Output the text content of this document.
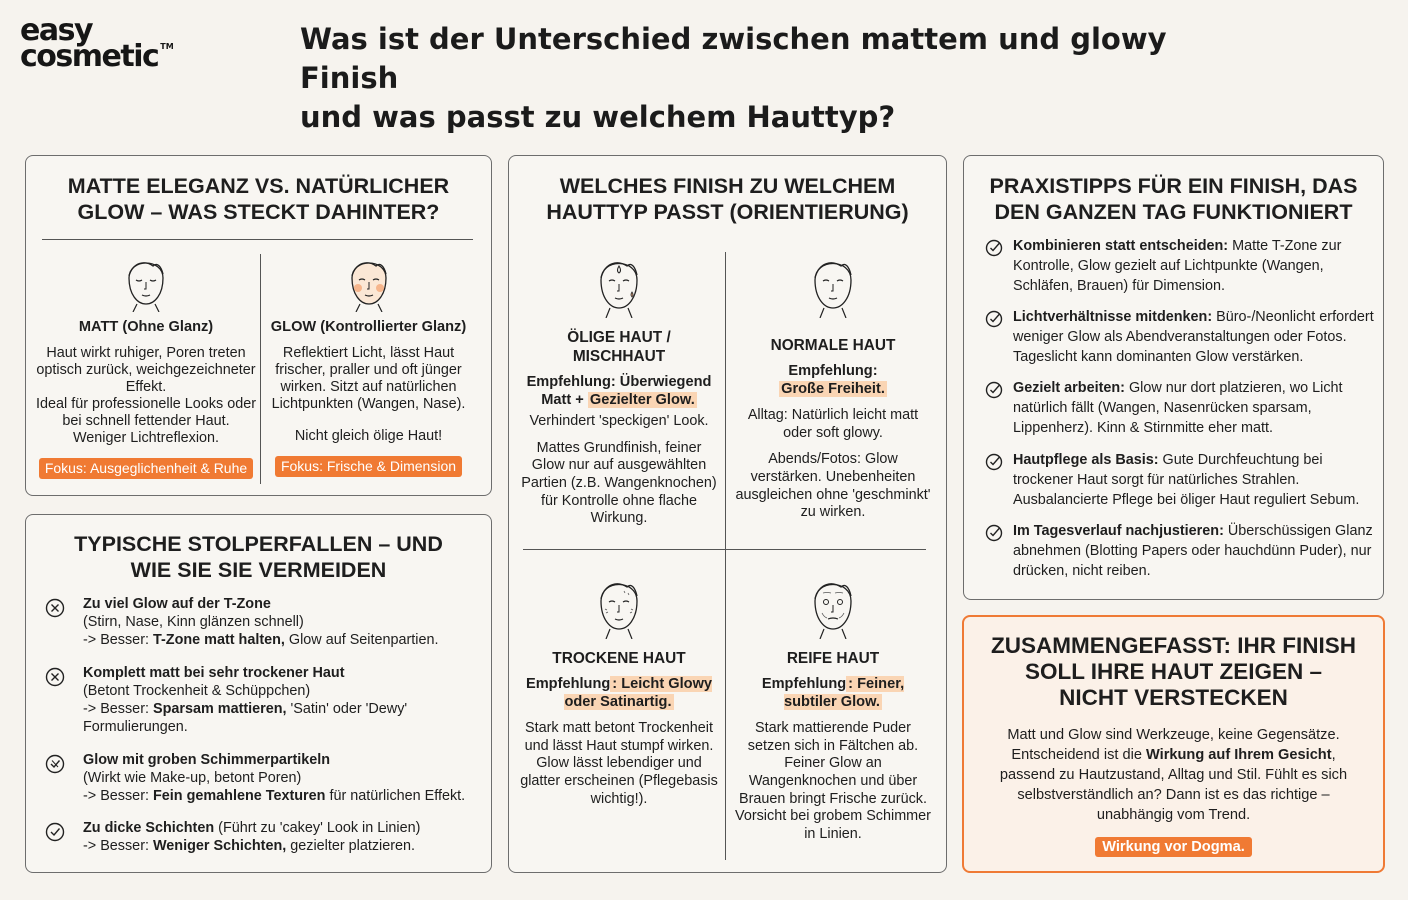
easy
cosmetic ™	Was ist der Unterschied zwischen mattem und glowy Finish
und was passt zu welchem Hauttyp?
MATTE ELEGANZ VS. NATÜRLICHER
GLOW – WAS STECKT DAHINTER?
MATT (Ohne Glanz)
Haut wirkt ruhiger, Poren treten optisch zurück, weichgezeichneter Effekt.
Ideal für professionelle Looks oder bei schnell fettender Haut.
Weniger Lichtreflexion.
Fokus: Ausgeglichenheit & Ruhe
GLOW (Kontrollierter Glanz)
Reflektiert Licht, lässt Haut frischer, praller und oft jünger wirken. Sitzt auf natürlichen Lichtpunkten (Wangen, Nase).
Nicht gleich ölige Haut!
Fokus: Frische & Dimension
TYPISCHE STOLPERFALLEN – UND
WIE SIE SIE VERMEIDEN
Zu viel Glow auf der T-Zone
(Stirn, Nase, Kinn glänzen schnell)
-> Besser: T-Zone matt halten, Glow auf Seitenpartien.
Komplett matt bei sehr trockener Haut
(Betont Trockenheit & Schüppchen)
-> Besser: Sparsam mattieren, 'Satin' oder 'Dewy' Formulierungen.
Glow mit groben Schimmerpartikeln
(Wirkt wie Make-up, betont Poren)
-> Besser: Fein gemahlene Texturen für natürlichen Effekt.
Zu dicke Schichten (Führt zu 'cakey' Look in Linien)
-> Besser: Weniger Schichten, gezielter platzieren.
WELCHES FINISH ZU WELCHEM
HAUTTYP PASST (ORIENTIERUNG)
ÖLIGE HAUT /
MISCHHAUT
Empfehlung: Überwiegend Matt + Gezielter Glow.
Verhindert 'speckigen' Look.
Mattes Grundfinish, feiner Glow nur auf ausgewählten Partien (z.B. Wangenknochen) für Kontrolle ohne flache Wirkung.
NORMALE HAUT
Empfehlung:
Große Freiheit.
Alltag: Natürlich leicht matt oder soft glowy.
Abends/Fotos: Glow verstärken. Unebenheiten ausgleichen ohne 'geschminkt' zu wirken.
TROCKENE HAUT
Empfehlung : Leicht Glowy oder Satinartig.
Stark matt betont Trockenheit und lässt Haut stumpf wirken. Glow lässt lebendiger und glatter erscheinen (Pflegebasis wichtig!).
REIFE HAUT
Empfehlung : Feiner, subtiler Glow.
Stark mattierende Puder setzen sich in Fältchen ab. Feiner Glow an Wangenknochen und über Brauen bringt Frische zurück. Vorsicht bei grobem Schimmer in Linien.
PRAXISTIPPS FÜR EIN FINISH, DAS
DEN GANZEN TAG FUNKTIONIERT
Kombinieren statt entscheiden: Matte T-Zone zur Kontrolle, Glow gezielt auf Lichtpunkte (Wangen, Schläfen, Brauen) für Dimension.
Lichtverhältnisse mitdenken: Büro-/Neonlicht erfordert weniger Glow als Abendveranstaltungen oder Fotos. Tageslicht kann dominanten Glow verstärken.
Gezielt arbeiten: Glow nur dort platzieren, wo Licht natürlich fällt (Wangen, Nasenrücken sparsam, Lippenherz). Kinn & Stirnmitte eher matt.
Hautpflege als Basis: Gute Durchfeuchtung bei trockener Haut sorgt für natürliches Strahlen. Ausbalancierte Pflege bei öliger Haut reguliert Sebum.
Im Tagesverlauf nachjustieren: Überschüssigen Glanz abnehmen (Blotting Papers oder hauchdünn Puder), nur drücken, nicht reiben.
ZUSAMMENGEFASST: IHR FINISH
SOLL IHRE HAUT ZEIGEN –
NICHT VERSTECKEN
Matt und Glow sind Werkzeuge, keine Gegensätze. Entscheidend ist die Wirkung auf Ihrem Gesicht, passend zu Hautzustand, Alltag und Stil. Fühlt es sich selbstverständlich an? Dann ist es das richtige – unabhängig vom Trend.
Wirkung vor Dogma.
